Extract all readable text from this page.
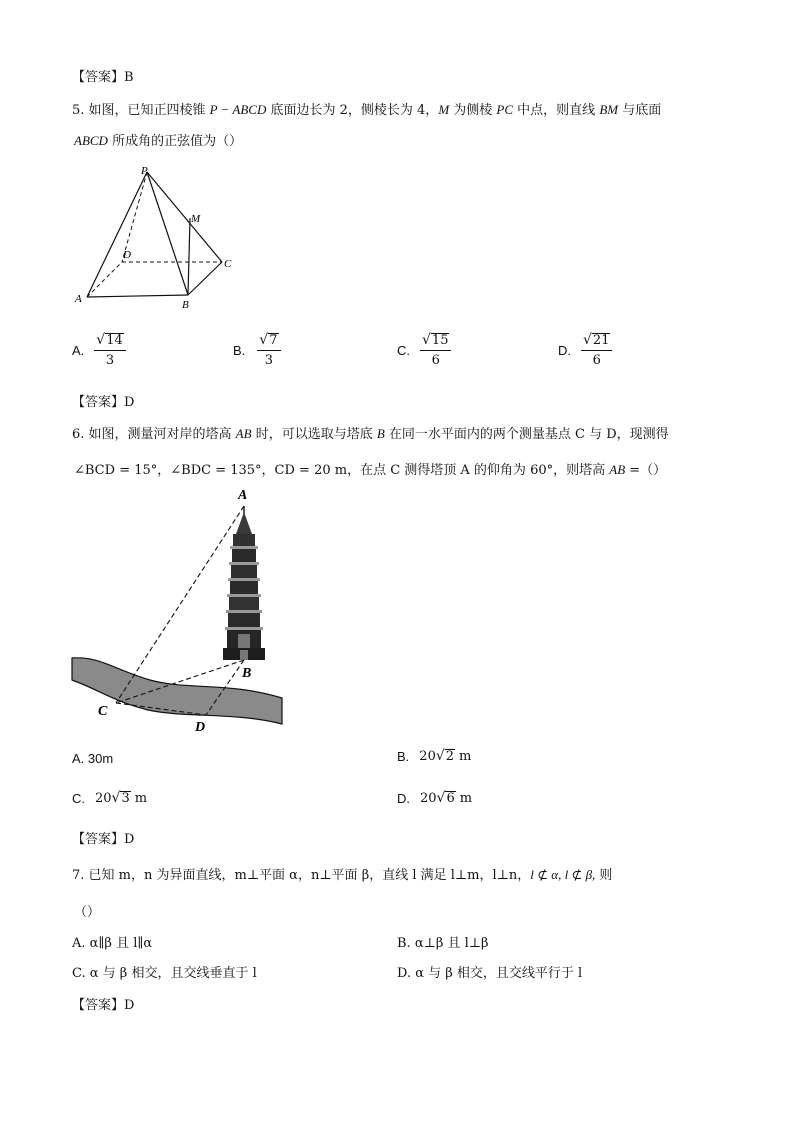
【答案】B
5. 如图，已知正四棱锥 P − ABCD 底面边长为 2，侧棱长为 4，M 为侧棱 PC 中点，则直线 BM 与底面
ABCD 所成角的正弦值为（）
P
M
D
C
A	B
A. $\frac{√ 14}{3}$	B. $\frac{√ 7}{3}$	C. $\frac{√ 15}{6}$	D. $\frac{√ 21}{6}$
【答案】D
6. 如图，测量河对岸的塔高 AB 时，可以选取与塔底 B 在同一水平面内的两个测量基点 C 与 D，现测得
∠BCD = 15°，∠BDC = 135°，CD = 20 m，在点 C 测得塔顶 A 的仰角为 60°，则塔高 AB =（）
A
B
C
D
A. 30m	B. 20 √ 2 m
C. 20 √ 3 m	D. 20 √ 6 m
【答案】D
7. 已知 m，n 为异面直线，m⊥平面 α，n⊥平面 β，直线 l 满足 l⊥m，l⊥n，l ⊄ α, l ⊄ β, 则
（）
A. α∥β 且 l∥α	B. α⊥β 且 l⊥β
C. α 与 β 相交，且交线垂直于 l	D. α 与 β 相交，且交线平行于 l
【答案】D
